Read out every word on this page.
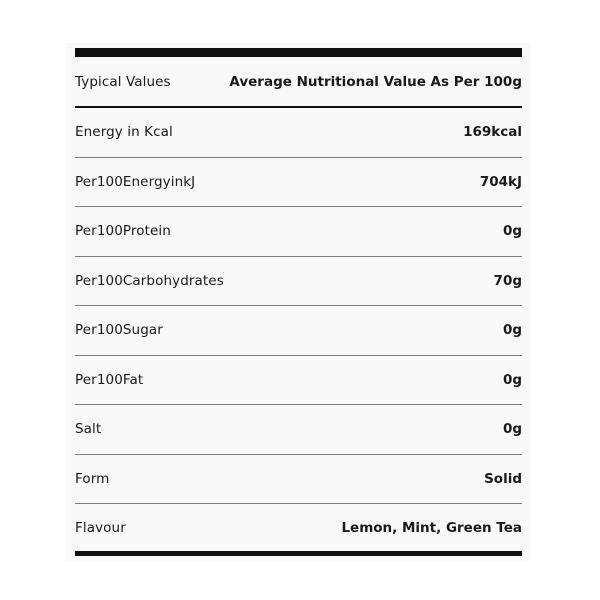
Typical Values	Average Nutritional Value As Per 100g
Energy in Kcal	169kcal
Per100EnergyinkJ	704kJ
Per100Protein	0g
Per100Carbohydrates	70g
Per100Sugar	0g
Per100Fat	0g
Salt	0g
Form	Solid
Flavour	Lemon, Mint, Green Tea
